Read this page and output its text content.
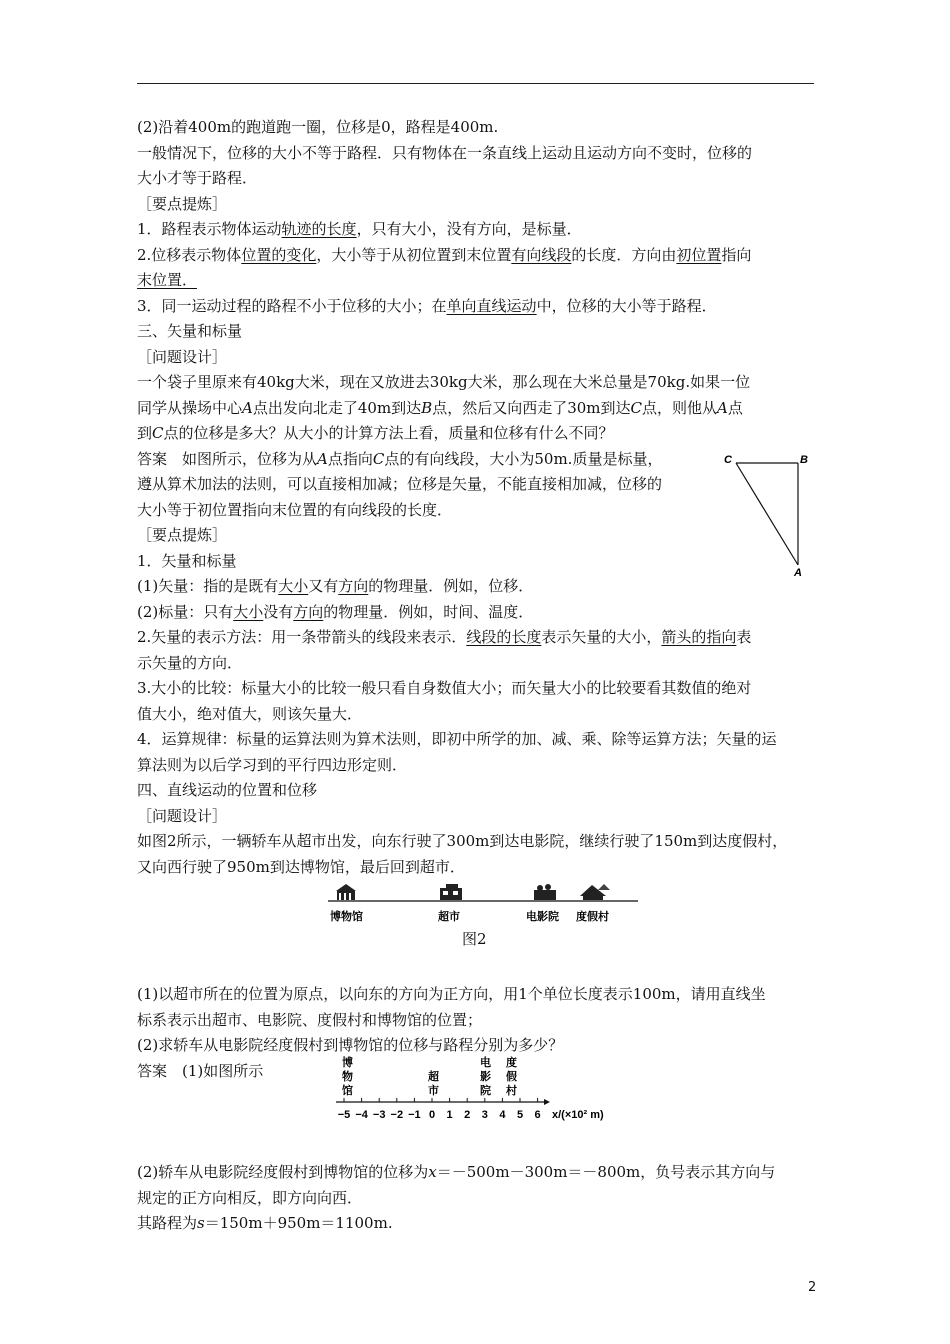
(2)沿着400m的跑道跑一圈，位移是0，路程是400m.

一般情况下，位移的大小不等于路程．只有物体在一条直线上运动且运动方向不变时，位移的

大小才等于路程．

［要点提炼］

1．路程表示物体运动轨迹的长度，只有大小，没有方向，是标量．

2.位移表示物体位置的变化，大小等于从初位置到末位置有向线段的长度．方向由初位置指向

末位置．

3．同一运动过程的路程不小于位移的大小；在单向直线运动中，位移的大小等于路程．

三、矢量和标量

［问题设计］

一个袋子里原来有40kg大米，现在又放进去30kg大米，那么现在大米总量是70kg.如果一位

同学从操场中心A点出发向北走了40m到达B点，然后又向西走了30m到达C点，则他从A点

到C点的位移是多大？从大小的计算方法上看，质量和位移有什么不同？

答案　如图所示，位移为从A点指向C点的有向线段，大小为50m.质量是标量，

遵从算术加法的法则，可以直接相加减；位移是矢量，不能直接相加减，位移的

大小等于初位置指向末位置的有向线段的长度．

［要点提炼］

1．矢量和标量

(1)矢量：指的是既有大小又有方向的物理量．例如，位移．

(2)标量：只有大小没有方向的物理量．例如，时间、温度．

2.矢量的表示方法：用一条带箭头的线段来表示．线段的长度表示矢量的大小，箭头的指向表

示矢量的方向．

3.大小的比较：标量大小的比较一般只看自身数值大小；而矢量大小的比较要看其数值的绝对

值大小，绝对值大，则该矢量大．

4．运算规律：标量的运算法则为算术法则，即初中所学的加、减、乘、除等运算方法；矢量的运

算法则为以后学习到的平行四边形定则．

四、直线运动的位置和位移

［问题设计］

如图2所示，一辆轿车从超市出发，向东行驶了300m到达电影院，继续行驶了150m到达度假村，

又向西行驶了950m到达博物馆，最后回到超市．

(1)以超市所在的位置为原点，以向东的方向为正方向，用1个单位长度表示100m，请用直线坐

标系表示出超市、电影院、度假村和博物馆的位置；

(2)求轿车从电影院经度假村到博物馆的位移与路程分别为多少？

答案　(1)如图所示

(2)轿车从电影院经度假村到博物馆的位移为x＝－500m－300m＝－800m，负号表示其方向与

规定的正方向相反，即方向向西．

其路程为s＝150m＋950m＝1100m.

C	B
A
博物馆	超市	电影院 度假村
图2
−5 −4 −3 −2 −1 0 1 2 3 4 5 6 x/(×10² m)
博
物
馆
超
市
电
影
院
度
假
村
2
